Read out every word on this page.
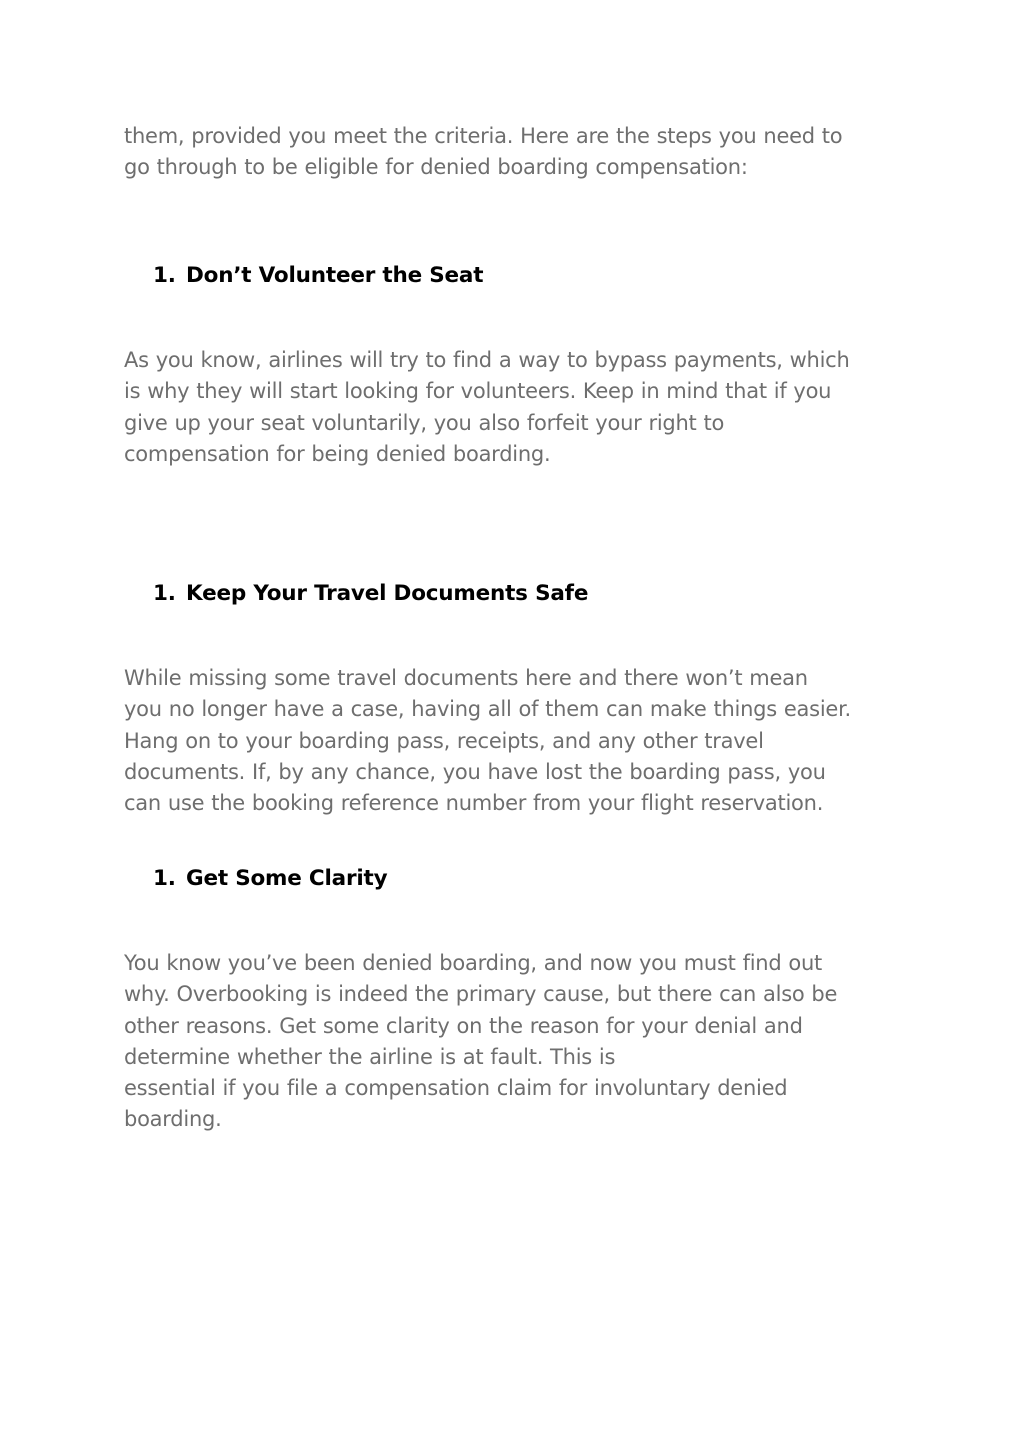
them, provided you meet the criteria. Here are the steps you need to
go through to be eligible for denied boarding compensation:

1. Don’t Volunteer the Seat

As you know, airlines will try to find a way to bypass payments, which
is why they will start looking for volunteers. Keep in mind that if you
give up your seat voluntarily, you also forfeit your right to
compensation for being denied boarding.

1. Keep Your Travel Documents Safe

While missing some travel documents here and there won’t mean
you no longer have a case, having all of them can make things easier.
Hang on to your boarding pass, receipts, and any other travel
documents. If, by any chance, you have lost the boarding pass, you
can use the booking reference number from your flight reservation.

1. Get Some Clarity

You know you’ve been denied boarding, and now you must find out
why. Overbooking is indeed the primary cause, but there can also be
other reasons. Get some clarity on the reason for your denial and
determine whether the airline is at fault. This is
essential if you file a compensation claim for involuntary denied
boarding.
